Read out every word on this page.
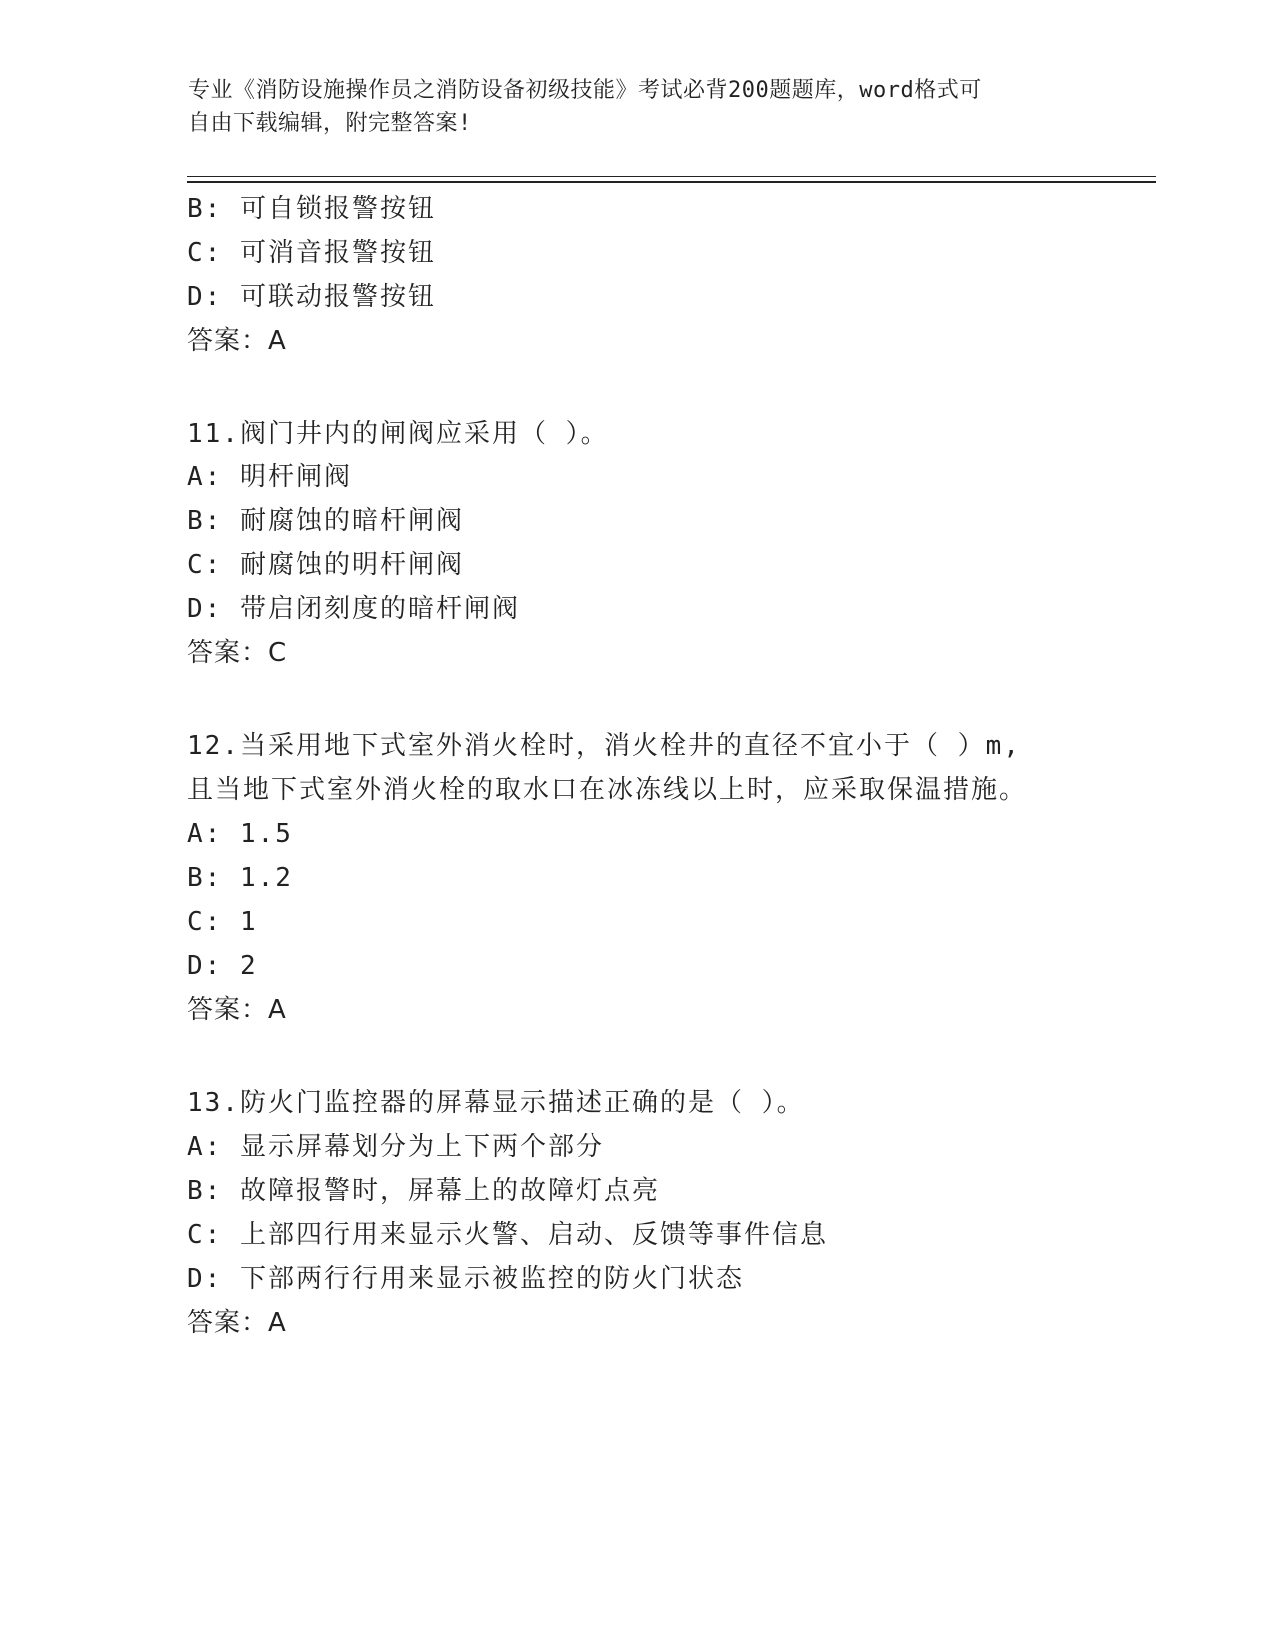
专业《消防设施操作员之消防设备初级技能》考试必背200题题库，word格式可
自由下载编辑，附完整答案!
B: 可自锁报警按钮
C: 可消音报警按钮
D: 可联动报警按钮
答案：A
11.阀门井内的闸阀应采用（ ）。
A: 明杆闸阀
B: 耐腐蚀的暗杆闸阀
C: 耐腐蚀的明杆闸阀
D: 带启闭刻度的暗杆闸阀
答案：C
12.当采用地下式室外消火栓时，消火栓井的直径不宜小于（ ）m,
且当地下式室外消火栓的取水口在冰冻线以上时，应采取保温措施。
A: 1.5
B: 1.2
C: 1
D: 2
答案：A
13.防火门监控器的屏幕显示描述正确的是（ ）。
A: 显示屏幕划分为上下两个部分
B: 故障报警时，屏幕上的故障灯点亮
C: 上部四行用来显示火警、启动、反馈等事件信息
D: 下部两行行用来显示被监控的防火门状态
答案：A
